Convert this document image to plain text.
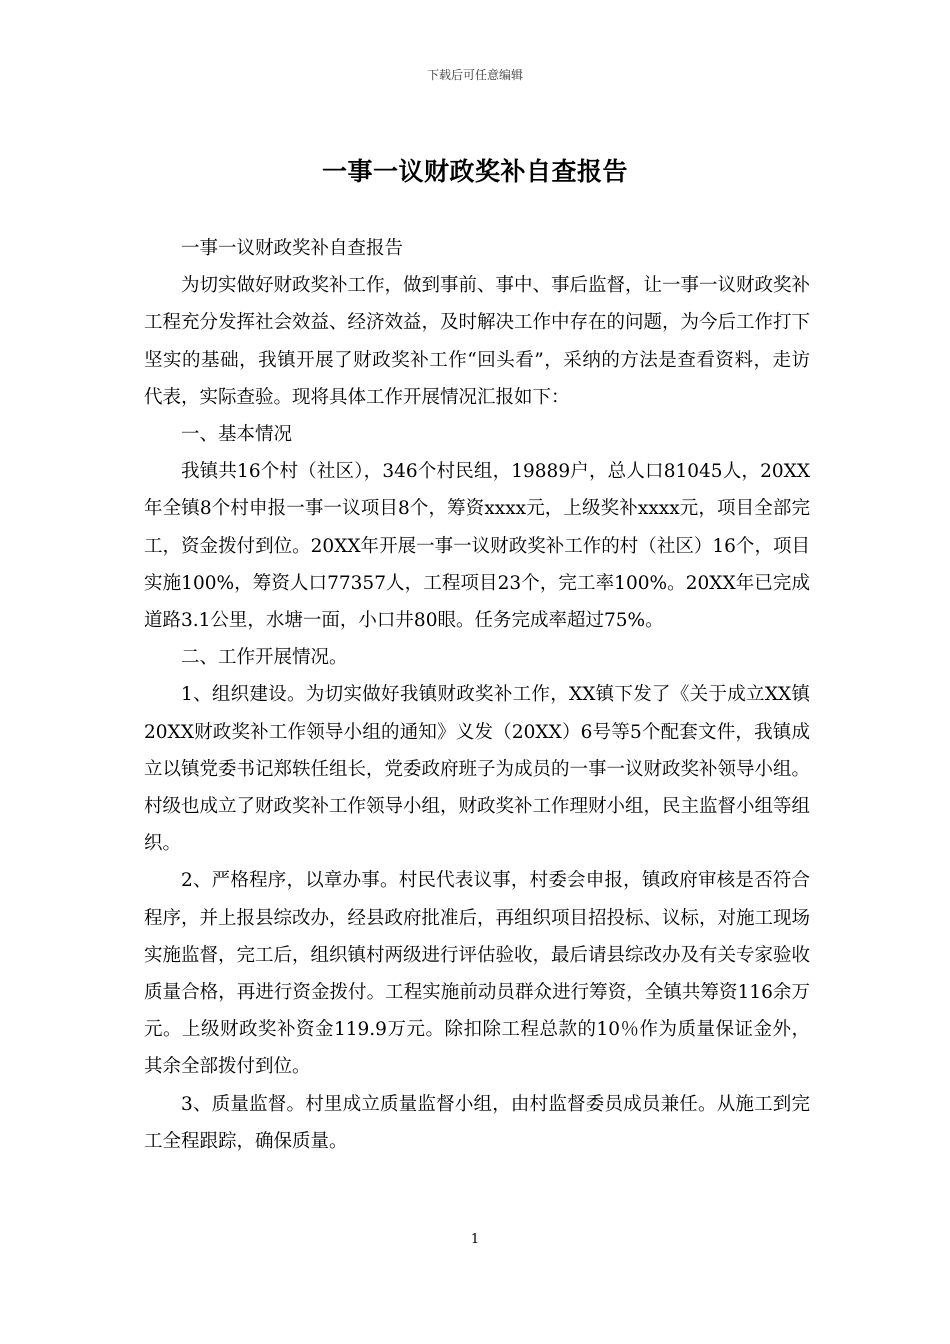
下载后可任意编辑
一事一议财政奖补自查报告

一事一议财政奖补自查报告

为切实做好财政奖补工作，做到事前、事中、事后监督，让一事一议财政奖补工程充分发挥社会效益、经济效益，及时解决工作中存在的问题，为今后工作打下坚实的基础，我镇开展了财政奖补工作“回头看”，采纳的方法是查看资料，走访代表，实际查验。现将具体工作开展情况汇报如下：

一、基本情况

我镇共16个村（社区），346个村民组，19889户，总人口81045人，20XX年全镇8个村申报一事一议项目8个，筹资xxxx元，上级奖补xxxx元，项目全部完工，资金拨付到位。20XX年开展一事一议财政奖补工作的村（社区）16个，项目实施100%，筹资人口77357人，工程项目23个，完工率100%。20XX年已完成道路3.1公里，水塘一面，小口井80眼。任务完成率超过75%。

二、工作开展情况。

1、组织建设。为切实做好我镇财政奖补工作，XX镇下发了《关于成立XX镇20XX财政奖补工作领导小组的通知》义发（20XX）6号等5个配套文件，我镇成立以镇党委书记郑轶任组长，党委政府班子为成员的一事一议财政奖补领导小组。村级也成立了财政奖补工作领导小组，财政奖补工作理财小组，民主监督小组等组织。

2、严格程序，以章办事。村民代表议事，村委会申报，镇政府审核是否符合程序，并上报县综改办，经县政府批准后，再组织项目招投标、议标，对施工现场实施监督，完工后，组织镇村两级进行评估验收，最后请县综改办及有关专家验收质量合格，再进行资金拨付。工程实施前动员群众进行筹资，全镇共筹资116余万元。上级财政奖补资金119.9万元。除扣除工程总款的10％作为质量保证金外，其余全部拨付到位。

3、质量监督。村里成立质量监督小组，由村监督委员成员兼任。从施工到完工全程跟踪，确保质量。

1
